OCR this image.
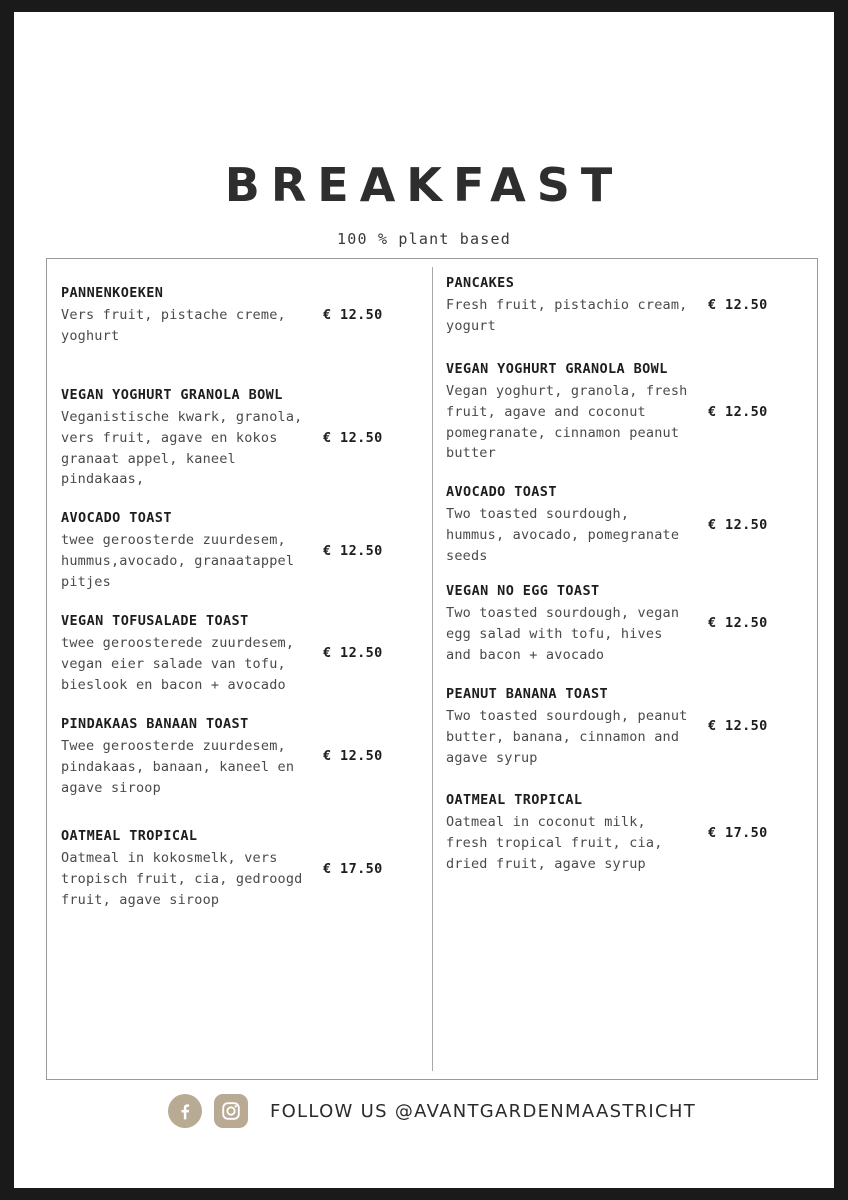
BREAKFAST
100 % plant based
PANNENKOEKEN
Vers fruit, pistache creme, yoghurt
€ 12.50
VEGAN YOGHURT GRANOLA BOWL
Veganistische kwark, granola, vers fruit, agave en kokos granaat appel, kaneel pindakaas,
€ 12.50
AVOCADO TOAST
twee geroosterde zuurdesem, hummus,avocado, granaatappel pitjes
€ 12.50
VEGAN TOFUSALADE TOAST
twee geroosterede zuurdesem, vegan eier salade van tofu, bieslook en bacon + avocado
€ 12.50
PINDAKAAS BANAAN TOAST
Twee geroosterde zuurdesem, pindakaas, banaan, kaneel en agave siroop
€ 12.50
OATMEAL TROPICAL
Oatmeal in kokosmelk, vers tropisch fruit, cia, gedroogd fruit, agave siroop
€ 17.50
PANCAKES
Fresh fruit, pistachio cream, yogurt
€ 12.50
VEGAN YOGHURT GRANOLA BOWL
Vegan yoghurt, granola, fresh fruit, agave and coconut pomegranate, cinnamon peanut butter
€ 12.50
AVOCADO TOAST
Two toasted sourdough, hummus, avocado, pomegranate seeds
€ 12.50
VEGAN NO EGG TOAST
Two toasted sourdough, vegan egg salad with tofu, hives and bacon + avocado
€ 12.50
PEANUT BANANA TOAST
Two toasted sourdough, peanut butter, banana, cinnamon and agave syrup
€ 12.50
OATMEAL TROPICAL
Oatmeal in coconut milk, fresh tropical fruit, cia, dried fruit, agave syrup
€ 17.50
FOLLOW US @AVANTGARDENMAASTRICHT
